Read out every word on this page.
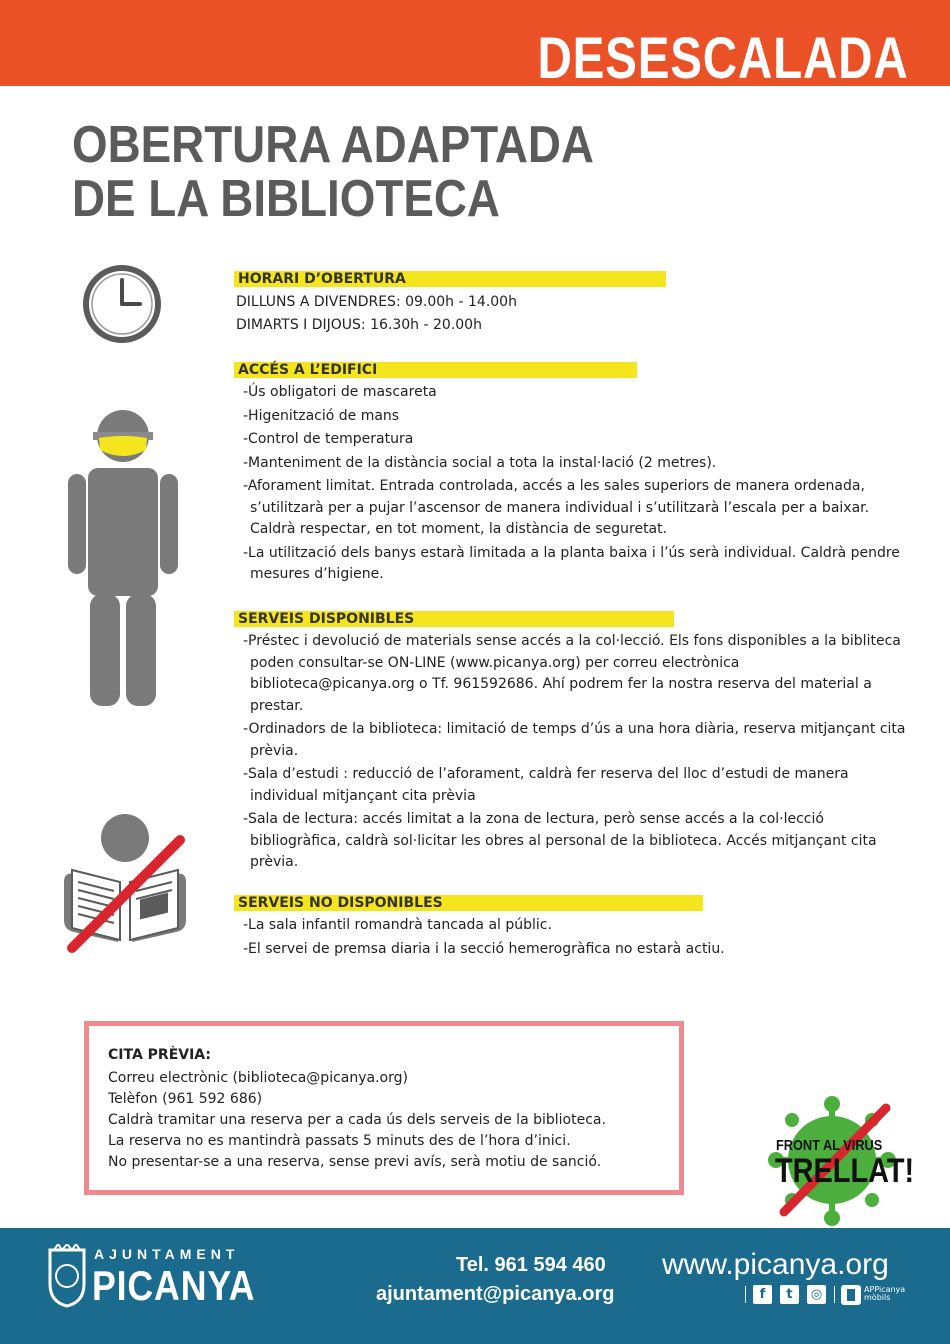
DESESCALADA
OBERTURA ADAPTADA
DE LA BIBLIOTECA
HORARI D’OBERTURA
DILLUNS A DIVENDRES: 09.00h - 14.00h
DIMARTS I DIJOUS: 16.30h - 20.00h
ACCÉS A L’EDIFICI
-Ús obligatori de mascareta
-Higenització de mans
-Control de temperatura
-Manteniment de la distància social a tota la instal·lació (2 metres).
-Aforament limitat. Entrada controlada, accés a les sales superiors de manera ordenada, s’utilitzarà per a pujar l’ascensor de manera individual i s’utilitzarà l’escala per a baixar. Caldrà respectar, en tot moment, la distància de seguretat.
-La utilització dels banys estarà limitada a la planta baixa i l’ús serà individual. Caldrà pendre mesures d’higiene.
SERVEIS DISPONIBLES
-Préstec i devolució de materials sense accés a la col·lecció. Els fons disponibles a la biblitecа poden consultar-se ON-LINE (www.picanya.org) per correu electrònica biblioteca@picanya.org o Tf. 961592686. Ahí podrem fer la nostra reserva del material a prestar.
-Ordinadors de la biblioteca: limitació de temps d’ús a una hora diària, reserva mitjançant cita prèvia.
-Sala d’estudi : reducció de l’aforament, caldrà fer reserva del lloc d’estudi de manera individual mitjançant cita prèvia
-Sala de lectura: accés limitat a la zona de lectura, però sense accés a la col·lecció bibliogràfica, caldrà sol·licitar les obres al personal de la biblioteca. Accés mitjançant cita prèvia.
SERVEIS NO DISPONIBLES
-La sala infantil romandrà tancada al públic.
-El servei de premsa diaria i la secció hemerogràfica no estarà actiu.
CITA PRÈVIA:
Correu electrònic (biblioteca@picanya.org)
Telèfon (961 592 686)
Caldrà tramitar una reserva per a cada ús dels serveis de la biblioteca.
La reserva no es mantindrà passats 5 minuts des de l’hora d’inici.
No presentar-se a una reserva, sense previ avís, serà motiu de sanció.
FRONT AL VIRUS
TRELLAT!
AJUNTAMENT
PICANYA	Tel. 961 594 460
ajuntament@picanya.org
www.picanya.org
f	t	◎	APPicanya
mòbils
